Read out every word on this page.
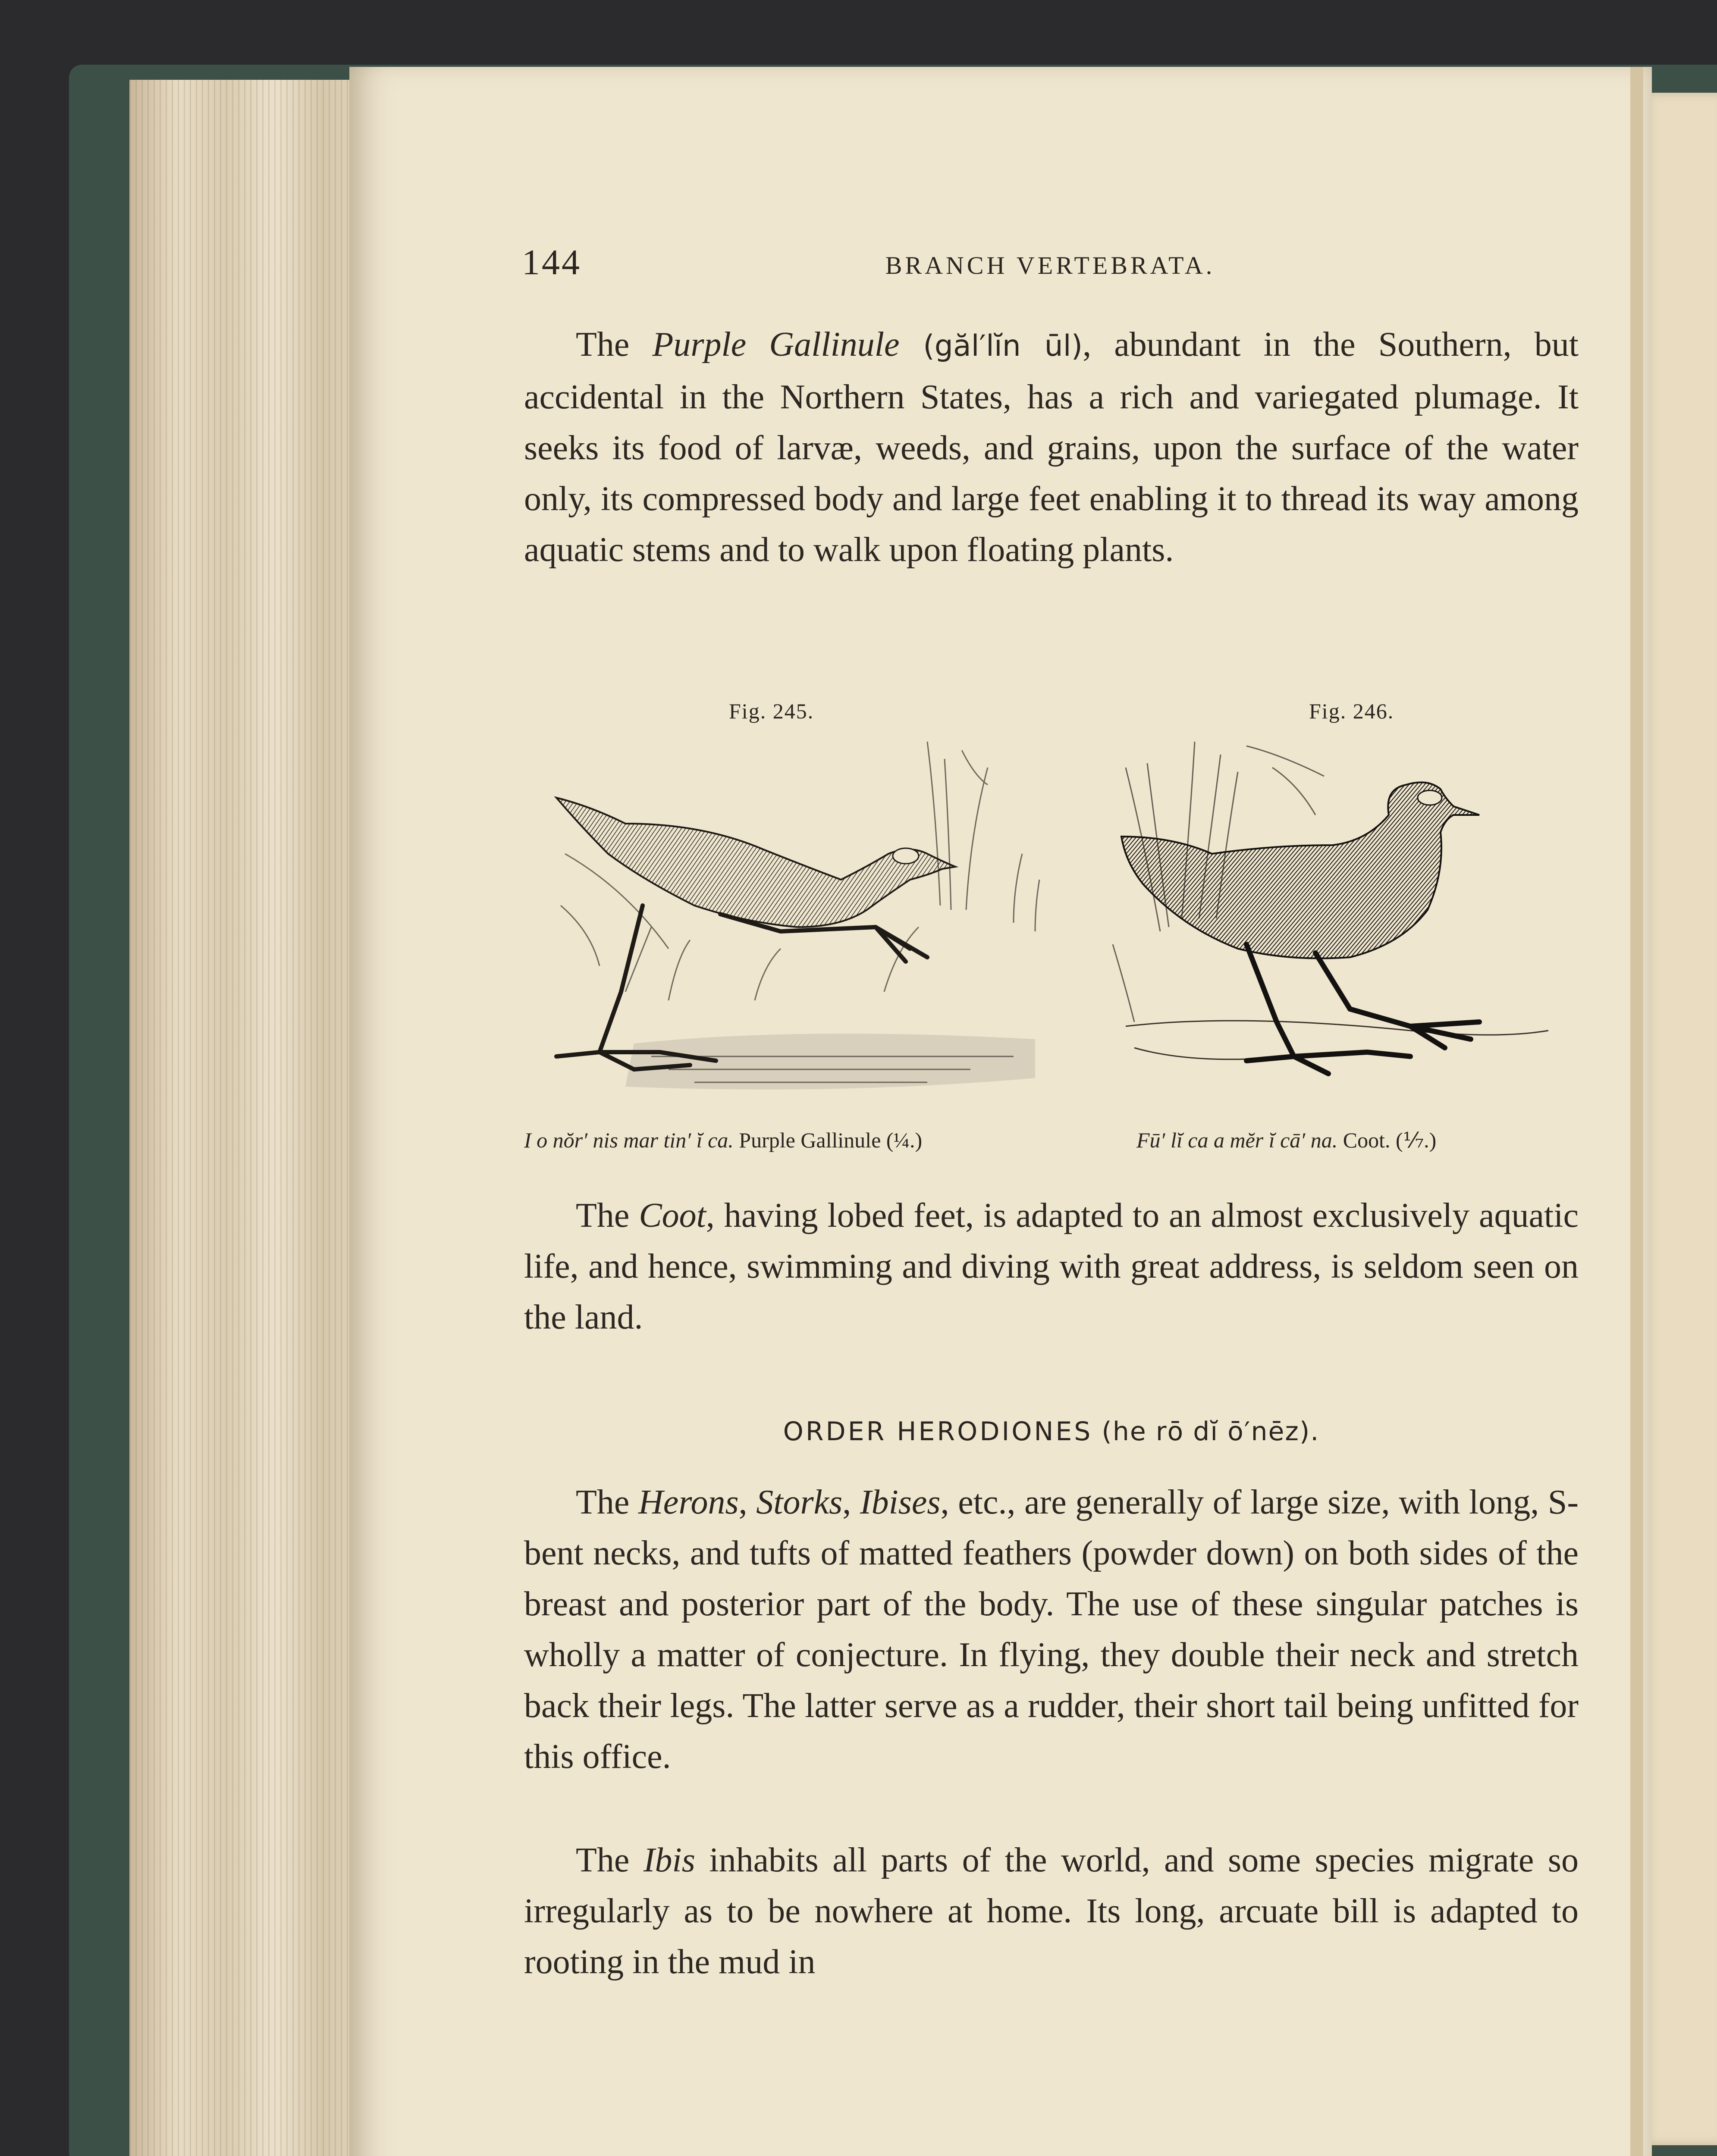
144	BRANCH VERTEBRATA.

The Purple Gallinule (găl′lĭn ūl), abundant in the Southern, but accidental in the Northern States, has a rich and variegated plumage. It seeks its food of larvæ, weeds, and grains, upon the surface of the water only, its compressed body and large feet enabling it to thread its way among aquatic stems and to walk upon floating plants.

Fig. 245.
I o nŏr′ nis mar tin′ ĭ ca. Purple Gallinule (¼.)
Fig. 246.
Fū′ lĭ ca a mĕr ĭ cā′ na. Coot. (⅐.)

The Coot, having lobed feet, is adapted to an almost exclusively aquatic life, and hence, swimming and diving with great address, is seldom seen on the land.

ORDER HERODIONES (he rō dĭ ō′nēz).

The Herons, Storks, Ibises, etc., are generally of large size, with long, S-bent necks, and tufts of matted feathers (powder down) on both sides of the breast and posterior part of the body. The use of these singular patches is wholly a matter of conjecture. In flying, they double their neck and stretch back their legs. The latter serve as a rudder, their short tail being unfitted for this office.

The Ibis inhabits all parts of the world, and some species migrate so irregularly as to be nowhere at home. Its long, arcuate bill is adapted to rooting in the mud in
